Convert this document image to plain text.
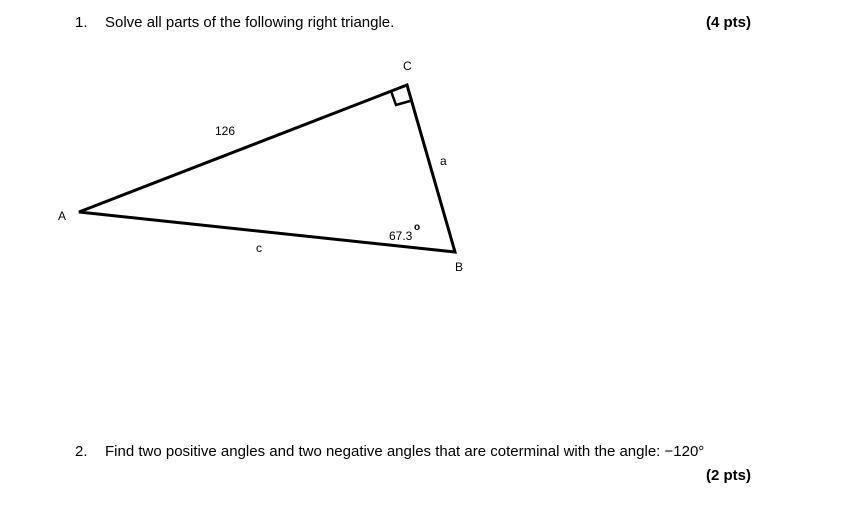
1. Solve all parts of the following right triangle.	(4 pts)
A
C
B
126
a
c
67.3
o
2. Find two positive angles and two negative angles that are coterminal with the angle: −120°
(2 pts)
